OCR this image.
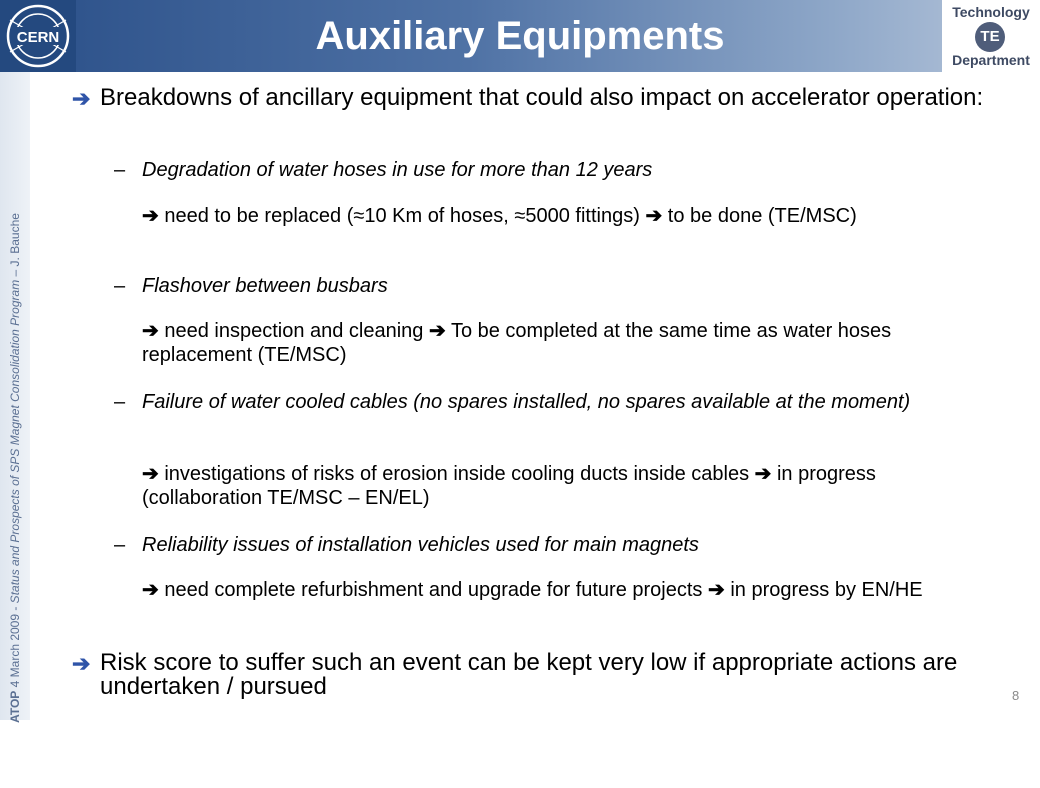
CERN	Auxiliary Equipments
Technology
TE
Department
ATOP 4 March 2009 - Status and Prospects of SPS Magnet Consolidation Program – J. Bauche
➔ Breakdowns of ancillary equipment that could also impact on accelerator operation:
– Degradation of water hoses in use for more than 12 years
➔ need to be replaced (≈10 Km of hoses, ≈5000 fittings) ➔ to be done (TE/MSC)
– Flashover between busbars
➔ need inspection and cleaning ➔ To be completed at the same time as water hoses replacement (TE/MSC)
– Failure of water cooled cables (no spares installed, no spares available at the moment)
➔ investigations of risks of erosion inside cooling ducts inside cables ➔ in progress (collaboration TE/MSC – EN/EL)
– Reliability issues of installation vehicles used for main magnets
➔ need complete refurbishment and upgrade for future projects ➔ in progress by EN/HE
➔ Risk score to suffer such an event can be kept very low if appropriate actions are undertaken / pursued	8
